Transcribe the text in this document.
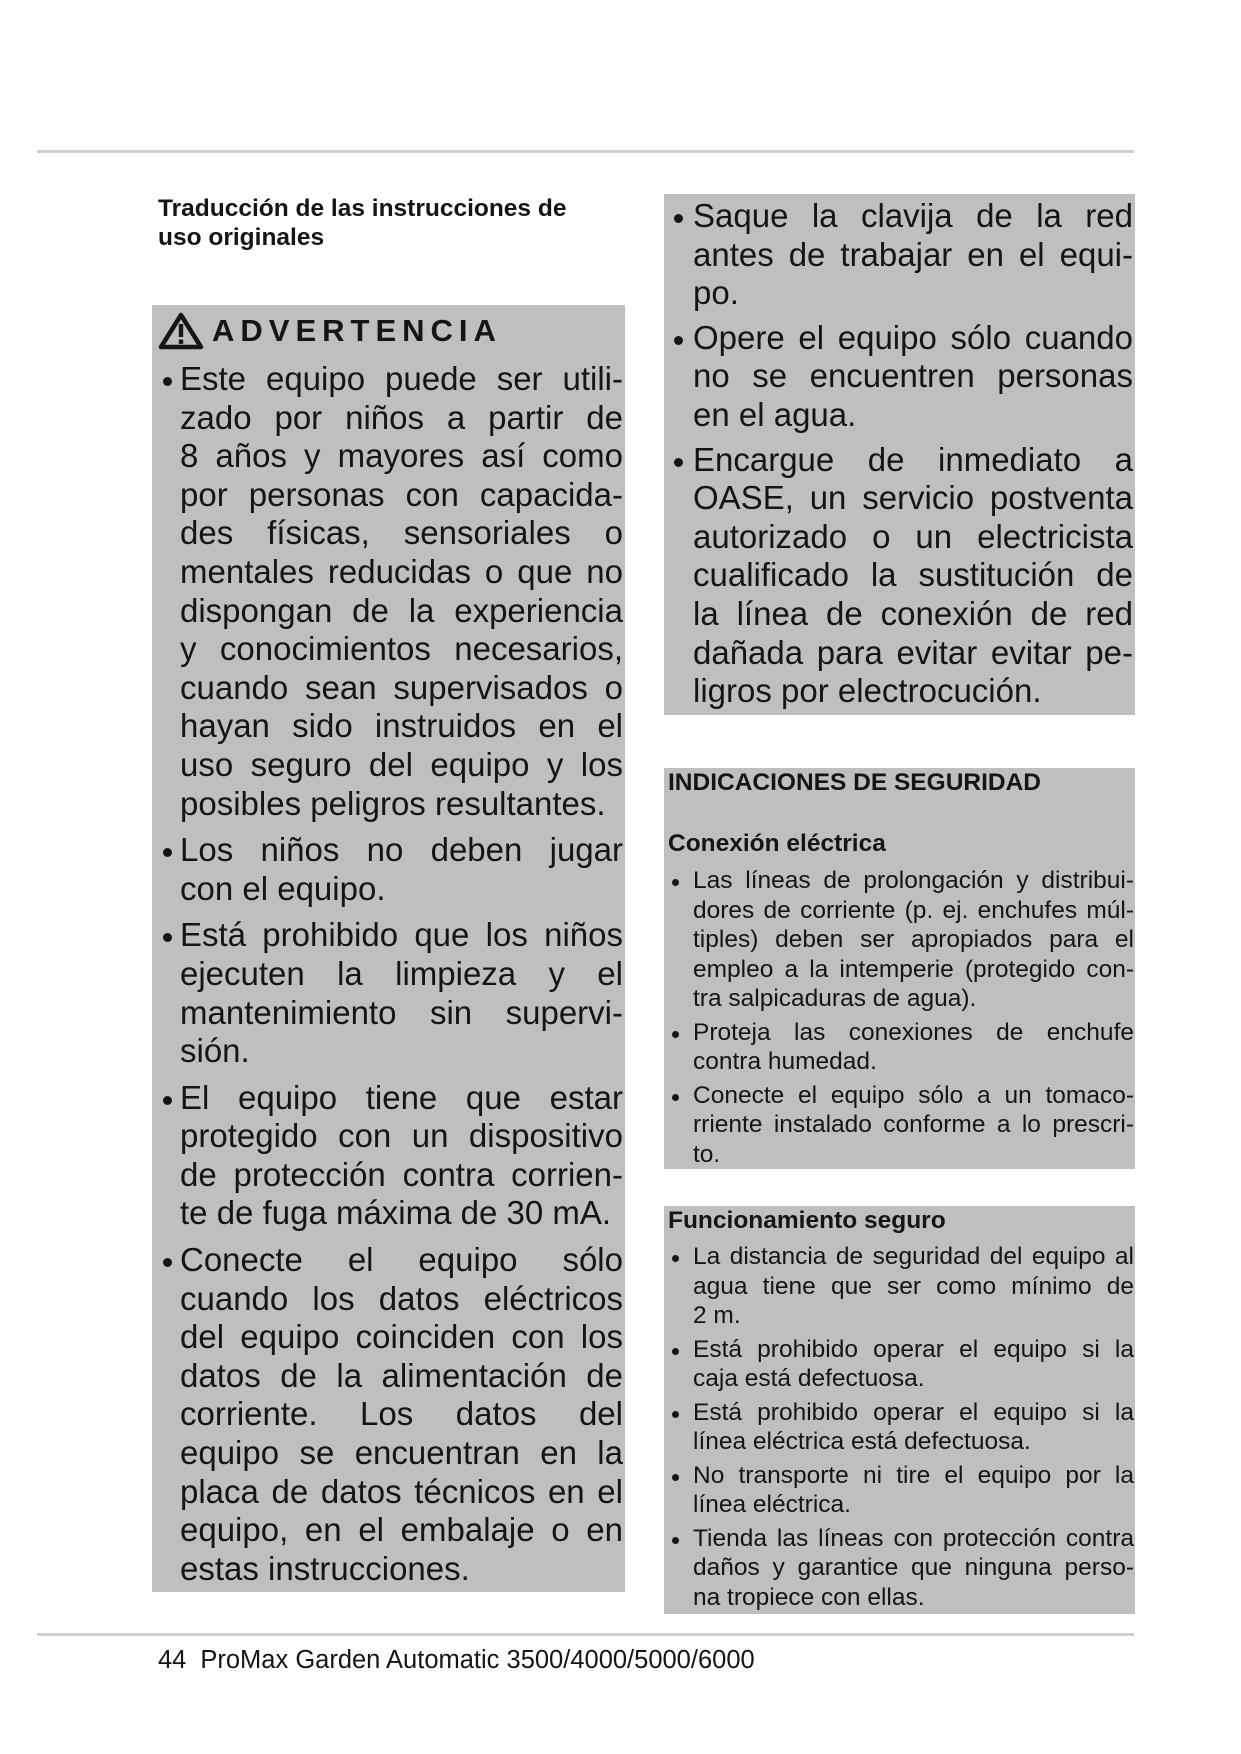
Traducción de las instrucciones de
uso originales
ADVERTENCIA
Este equipo puede ser utili-
zado por niños a partir de
8 años y mayores así como
por personas con capacida-
des físicas, sensoriales o
mentales reducidas o que no
dispongan de la experiencia
y conocimientos necesarios,
cuando sean supervisados o
hayan sido instruidos en el
uso seguro del equipo y los
posibles peligros resultantes.
Los niños no deben jugar
con el equipo.
Está prohibido que los niños
ejecuten la limpieza y el
mantenimiento sin supervi-
sión.
El equipo tiene que estar
protegido con un dispositivo
de protección contra corrien-
te de fuga máxima de 30 mA.
Conecte el equipo sólo
cuando los datos eléctricos
del equipo coinciden con los
datos de la alimentación de
corriente. Los datos del
equipo se encuentran en la
placa de datos técnicos en el
equipo, en el embalaje o en
estas instrucciones.
Saque la clavija de la red
antes de trabajar en el equi-
po.
Opere el equipo sólo cuando
no se encuentren personas
en el agua.
Encargue de inmediato a
OASE, un servicio postventa
autorizado o un electricista
cualificado la sustitución de
la línea de conexión de red
dañada para evitar evitar pe-
ligros por electrocución.
INDICACIONES DE SEGURIDAD
Conexión eléctrica
Las líneas de prolongación y distribui-
dores de corriente (p. ej. enchufes múl-
tiples) deben ser apropiados para el
empleo a la intemperie (protegido con-
tra salpicaduras de agua).
Proteja las conexiones de enchufe
contra humedad.
Conecte el equipo sólo a un tomaco-
rriente instalado conforme a lo prescri-
to.
Funcionamiento seguro
La distancia de seguridad del equipo al
agua tiene que ser como mínimo de
2 m.
Está prohibido operar el equipo si la
caja está defectuosa.
Está prohibido operar el equipo si la
línea eléctrica está defectuosa.
No transporte ni tire el equipo por la
línea eléctrica.
Tienda las líneas con protección contra
daños y garantice que ninguna perso-
na tropiece con ellas.
44 ProMax Garden Automatic 3500/4000/5000/6000
